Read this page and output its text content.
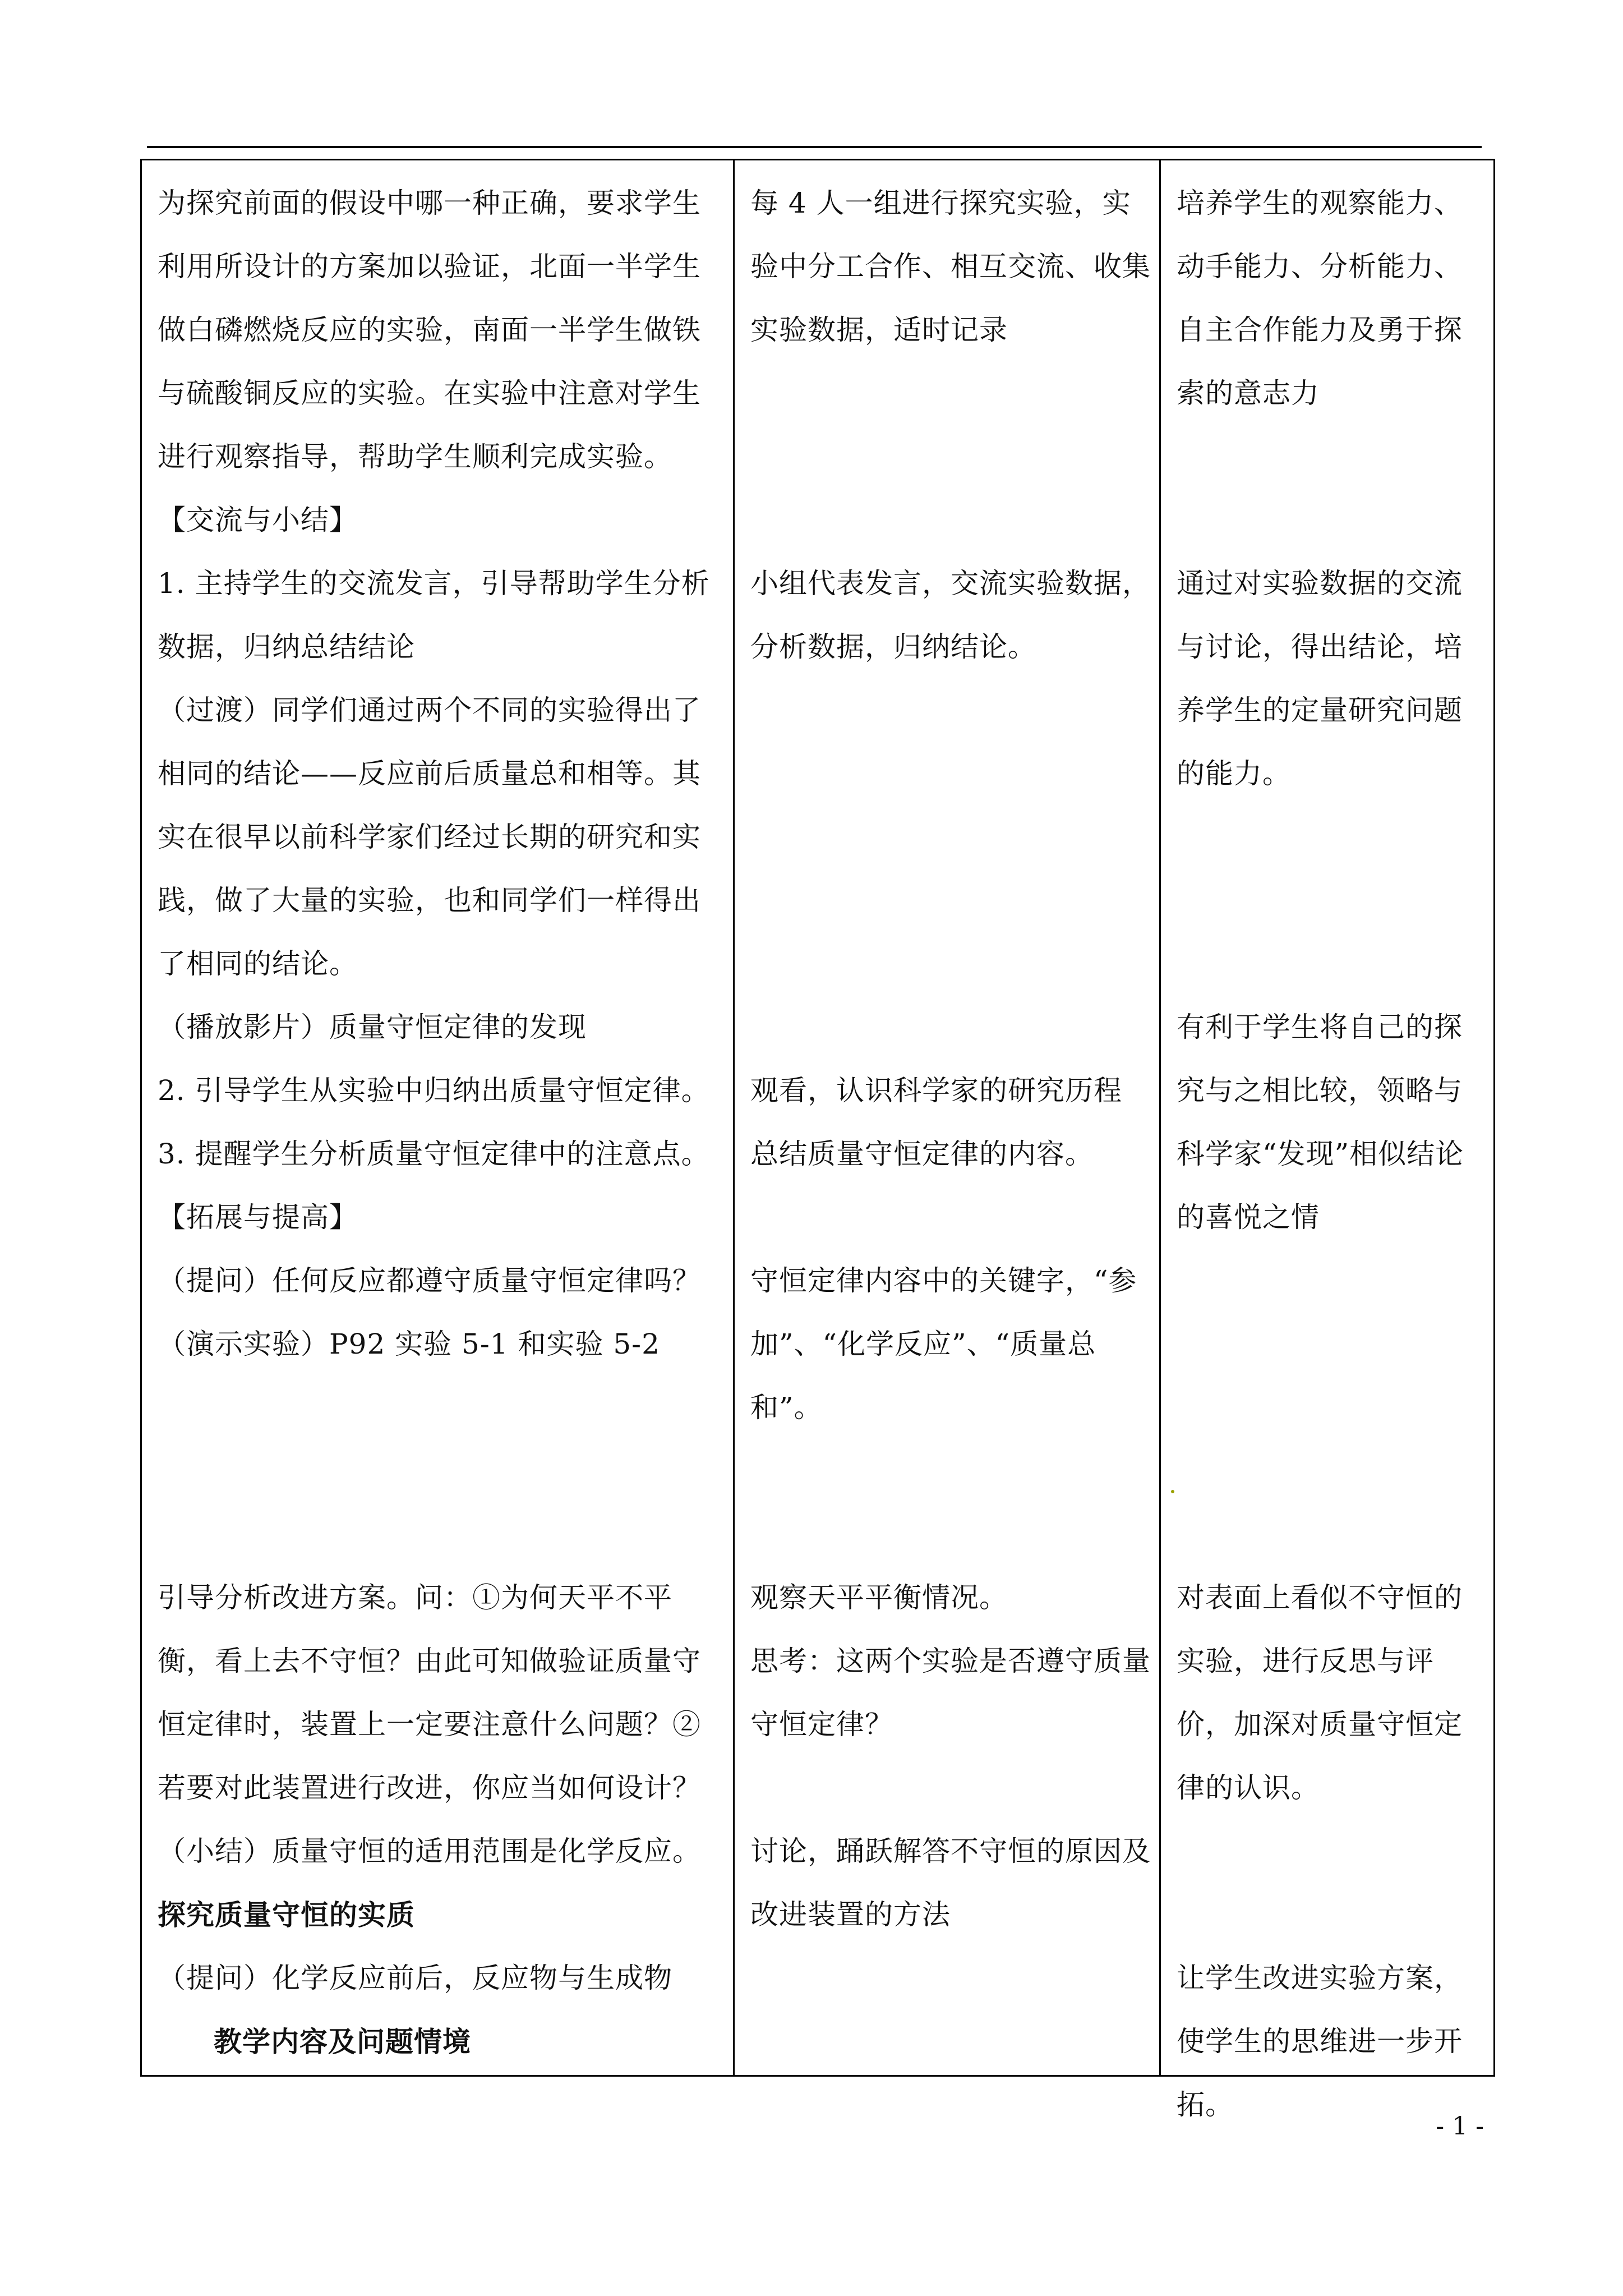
为探究前面的假设中哪一种正确，要求学生利用所设计的方案加以验证，北面一半学生做白磷燃烧反应的实验，南面一半学生做铁与硫酸铜反应的实验。在实验中注意对学生进行观察指导，帮助学生顺利完成实验。
【交流与小结】
1. 主持学生的交流发言，引导帮助学生分析数据，归纳总结结论
（过渡）同学们通过两个不同的实验得出了相同的结论——反应前后质量总和相等。其实在很早以前科学家们经过长期的研究和实践，做了大量的实验，也和同学们一样得出了相同的结论。
（播放影片）质量守恒定律的发现
2. 引导学生从实验中归纳出质量守恒定律。
3. 提醒学生分析质量守恒定律中的注意点。
【拓展与提高】
（提问）任何反应都遵守质量守恒定律吗？
（演示实验）P92 实验 5-1 和实验 5-2
引导分析改进方案。问：①为何天平不平衡，看上去不守恒？由此可知做验证质量守恒定律时，装置上一定要注意什么问题？②若要对此装置进行改进，你应当如何设计？
（小结）质量守恒的适用范围是化学反应。
探究质量守恒的实质
（提问）化学反应前后，反应物与生成物
教学内容及问题情境
每 4 人一组进行探究实验，实验中分工合作、相互交流、收集实验数据，适时记录
小组代表发言，交流实验数据，分析数据，归纳结论。
观看，认识科学家的研究历程
总结质量守恒定律的内容。
守恒定律内容中的关键字，“参加”、“化学反应”、“质量总和”。
观察天平平衡情况。
思考：这两个实验是否遵守质量守恒定律？
讨论，踊跃解答不守恒的原因及改进装置的方法
培养学生的观察能力、动手能力、分析能力、自主合作能力及勇于探索的意志力
通过对实验数据的交流与讨论，得出结论，培养学生的定量研究问题的能力。
有利于学生将自己的探究与之相比较，领略与科学家“发现”相似结论的喜悦之情
对表面上看似不守恒的实验，进行反思与评价，加深对质量守恒定律的认识。
让学生改进实验方案，使学生的思维进一步开拓。
- 1 -
